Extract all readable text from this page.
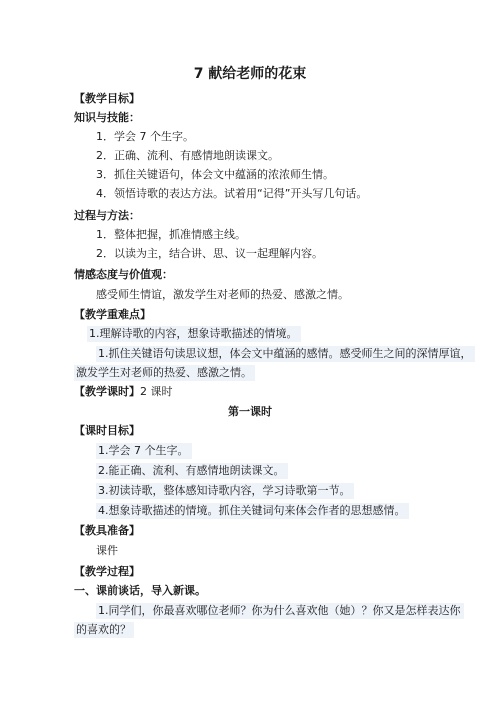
7 献给老师的花束
【教学目标】
知识与技能：
1．学会 7 个生字。
2．正确、流利、有感情地朗读课文。
3．抓住关键语句，体会文中蕴涵的浓浓师生情。
4．领悟诗歌的表达方法。试着用“记得”开头写几句话。
过程与方法：
1．整体把握，抓准情感主线。
2．以读为主，结合讲、思、议一起理解内容。
情感态度与价值观：
感受师生情谊，激发学生对老师的热爱、感激之情。
【教学重难点】
1.理解诗歌的内容，想象诗歌描述的情境。
1.抓住关键语句读思议想，体会文中蕴涵的感情。感受师生之间的深情厚谊，
激发学生对老师的热爱、感激之情。
【教学课时】2 课时
第一课时
【课时目标】
1.学会 7 个生字。
2.能正确、流利、有感情地朗读课文。
3.初读诗歌，整体感知诗歌内容，学习诗歌第一节。
4.想象诗歌描述的情境。抓住关键词句来体会作者的思想感情。
【教具准备】
课件
【教学过程】
一、课前谈话，导入新课。
1.同学们，你最喜欢哪位老师？你为什么喜欢他（她）？你又是怎样表达你
的喜欢的？
